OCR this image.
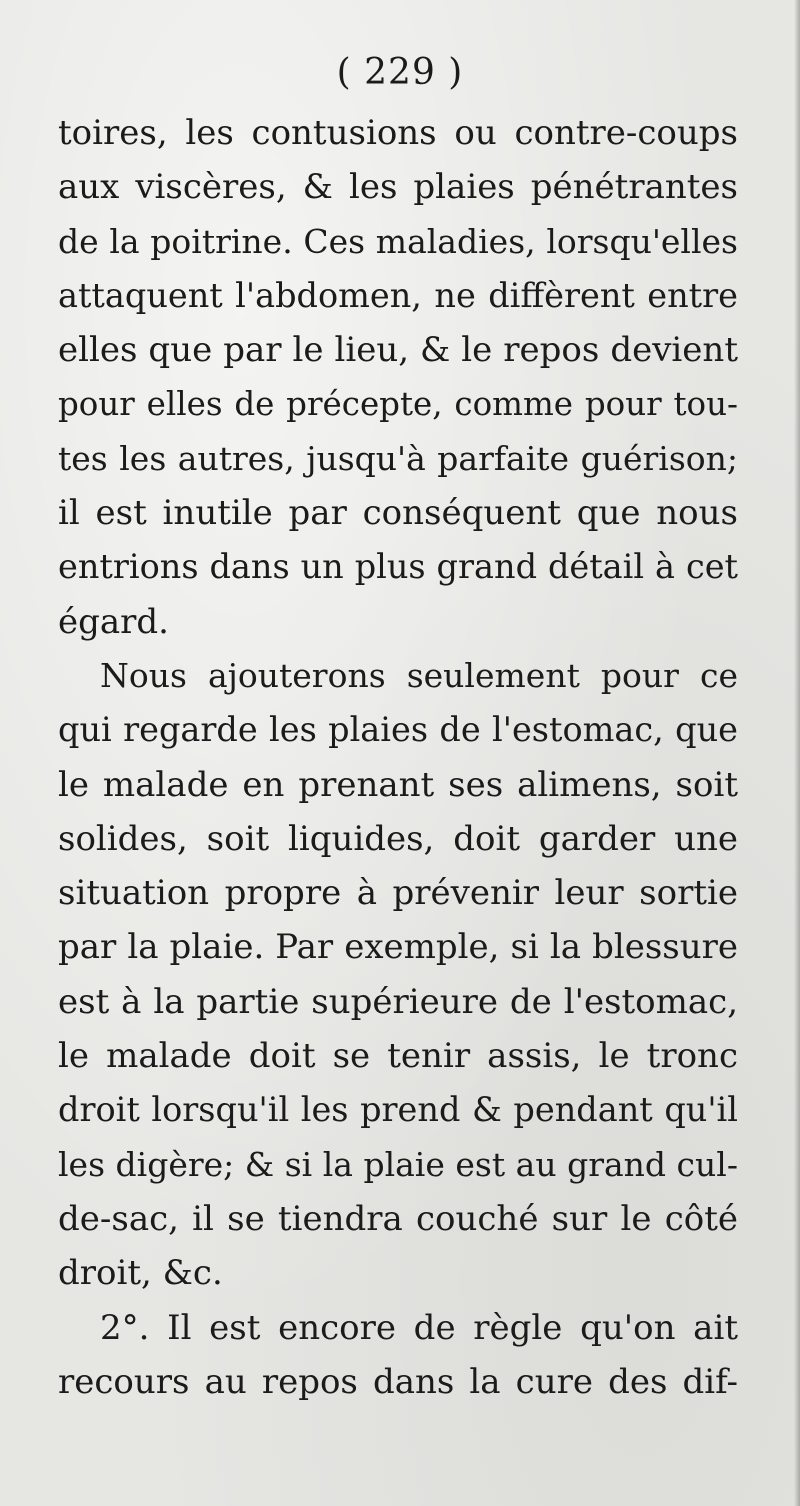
( 229 )
toires, les contusions ou contre-coups
aux viscères, & les plaies pénétrantes
de la poitrine. Ces maladies, lorsqu'elles
attaquent l'abdomen, ne diffèrent entre
elles que par le lieu, & le repos devient
pour elles de précepte, comme pour tou-
tes les autres, jusqu'à parfaite guérison;
il est inutile par conséquent que nous
entrions dans un plus grand détail à cet
égard.
Nous ajouterons seulement pour ce
qui regarde les plaies de l'estomac, que
le malade en prenant ses alimens, soit
solides, soit liquides, doit garder une
situation propre à prévenir leur sortie
par la plaie. Par exemple, si la blessure
est à la partie supérieure de l'estomac,
le malade doit se tenir assis, le tronc
droit lorsqu'il les prend & pendant qu'il
les digère; & si la plaie est au grand cul-
de-sac, il se tiendra couché sur le côté
droit, &c.
2°. Il est encore de règle qu'on ait
recours au repos dans la cure des dif-
